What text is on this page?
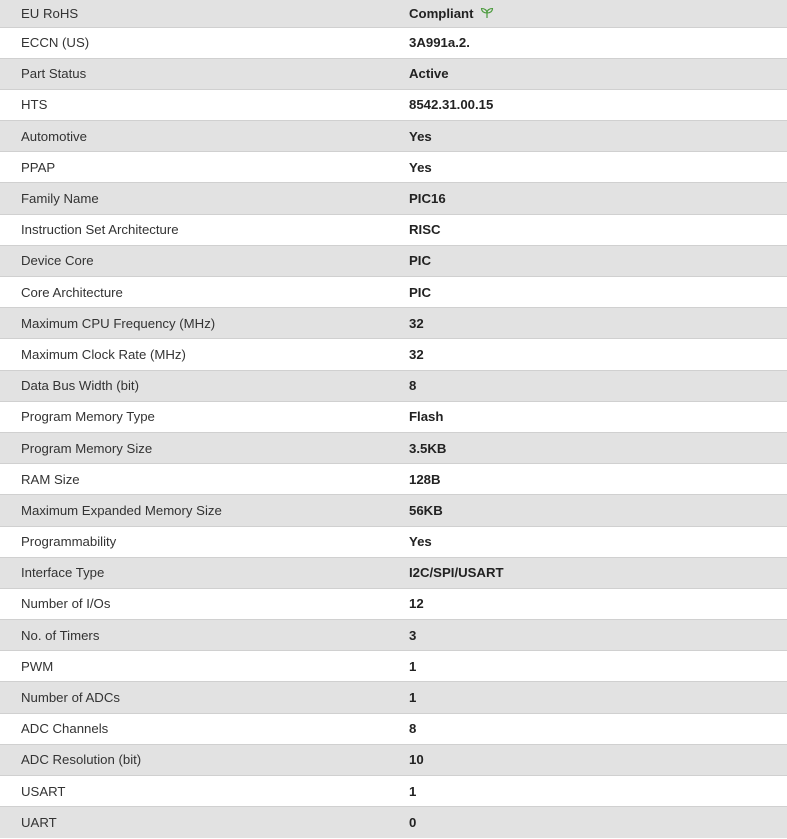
EU RoHS	Compliant
ECCN (US)	3A991a.2.
Part Status	Active
HTS	8542.31.00.15
Automotive	Yes
PPAP	Yes
Family Name	PIC16
Instruction Set Architecture	RISC
Device Core	PIC
Core Architecture	PIC
Maximum CPU Frequency (MHz)	32
Maximum Clock Rate (MHz)	32
Data Bus Width (bit)	8
Program Memory Type	Flash
Program Memory Size	3.5KB
RAM Size	128B
Maximum Expanded Memory Size	56KB
Programmability	Yes
Interface Type	I2C/SPI/USART
Number of I/Os	12
No. of Timers	3
PWM	1
Number of ADCs	1
ADC Channels	8
ADC Resolution (bit)	10
USART	1
UART	0
